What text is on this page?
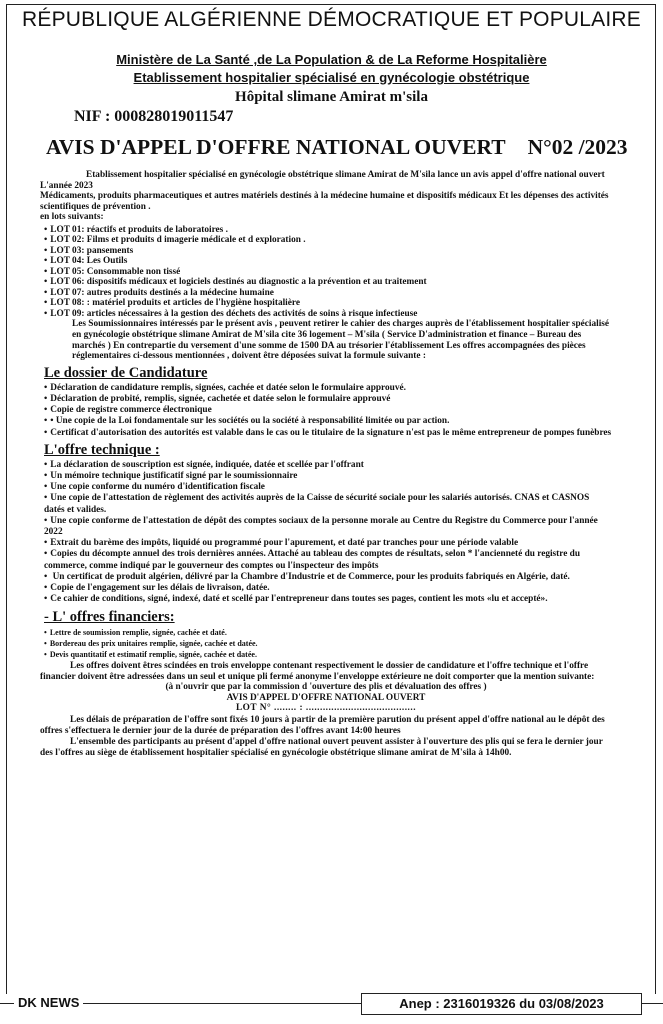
RÉPUBLIQUE ALGÉRIENNE DÉMOCRATIQUE ET POPULAIRE
Ministère de La Santé ,de La Population & de La Reforme Hospitalière
Etablissement hospitalier spécialisé en gynécologie obstétrique
Hôpital slimane Amirat m'sila
NIF : 000828019011547
AVIS D'APPEL D'OFFRE NATIONAL OUVERT N°02 /2023

Etablissement hospitalier spécialisé en gynécologie obstétrique slimane Amirat de M'sila lance un avis appel d'offre national ouvert L'année 2023

Médicaments, produits pharmaceutiques et autres matériels destinés à la médecine humaine et dispositifs médicaux Et les dépenses des activités scientifiques de prévention .

en lots suivants:

• LOT 01: réactifs et produits de laboratoires .
• LOT 02: Films et produits d imagerie médicale et d exploration .
• LOT 03: pansements
• LOT 04: Les Outils
• LOT 05: Consommable non tissé
• LOT 06: dispositifs médicaux et logiciels destinés au diagnostic a la prévention et au traitement
• LOT 07: autres produits destinés a la médecine humaine
• LOT 08: : matériel produits et articles de l'hygiène hospitalière
• LOT 09: articles nécessaires à la gestion des déchets des activités de soins à risque infectieuse

Les Soumissionnaires intéressés par le présent avis , peuvent retirer le cahier des charges auprès de l'établissement hospitalier spécialisé en gynécologie obstétrique slimane Amirat de M'sila cite 36 logement – M'sila ( Service D'administration et finance – Bureau des marchés ) En contrepartie du versement d'une somme de 1500 DA au trésorier l'établissement Les offres accompagnées des pièces réglementaires ci-dessous mentionnées , doivent être déposées suivat la formule suivante :

Le dossier de Candidature
• Déclaration de candidature remplis, signées, cachée et datée selon le formulaire approuvé.
• Déclaration de probité, remplis, signée, cachetée et datée selon le formulaire approuvé
• Copie de registre commerce électronique
• • Une copie de la Loi fondamentale sur les sociétés ou la société à responsabilité limitée ou par action.
• Certificat d'autorisation des autorités est valable dans le cas ou le titulaire de la signature n'est pas le même entrepreneur de pompes funèbres
L'offre technique :
• La déclaration de souscription est signée, indiquée, datée et scellée par l'offrant
• Un mémoire technique justificatif signé par le soumissionnaire
• Une copie conforme du numéro d'identification fiscale
• Une copie de l'attestation de règlement des activités auprès de la Caisse de sécurité sociale pour les salariés autorisés. CNAS et CASNOS datés et valides.
• Une copie conforme de l'attestation de dépôt des comptes sociaux de la personne morale au Centre du Registre du Commerce pour l'année 2022
• Extrait du barème des impôts, liquidé ou programmé pour l'apurement, et daté par tranches pour une période valable
• Copies du décompte annuel des trois dernières années. Attaché au tableau des comptes de résultats, selon * l'ancienneté du registre du commerce, comme indiqué par le gouverneur des comptes ou l'inspecteur des impôts
• Un certificat de produit algérien, délivré par la Chambre d'Industrie et de Commerce, pour les produits fabriqués en Algérie, daté.
• Copie de l'engagement sur les délais de livraison, datée.
• Ce cahier de conditions, signé, indexé, daté et scellé par l'entrepreneur dans toutes ses pages, contient les mots «lu et accepté».
- L' offres financiers:
• Lettre de soumission remplie, signée, cachée et daté.
• Bordereau des prix unitaires remplie, signée, cachée et datée.
• Devis quantitatif et estimatif remplie, signée, cachée et datée.

Les offres doivent êtres scindées en trois enveloppe contenant respectivement le dossier de candidature et l'offre technique et l'offre financier doivent être adressées dans un seul et unique pli fermé anonyme l'enveloppe extérieure ne doit comporter que la mention suivante:

(à n'ouvrir que par la commission d 'ouverture des plis et dévaluation des offres )

AVIS D'APPEL D'OFFRE NATIONAL OUVERT

LOT N° ........ : .......................................

Les délais de préparation de l'offre sont fixés 10 jours à partir de la première parution du présent appel d'offre national au le dépôt des offres s'effectuera le dernier jour de la durée de préparation des l'offres avant 14:00 heures

L'ensemble des participants au présent d'appel d'offre national ouvert peuvent assister à l'ouverture des plis qui se fera le dernier jour des l'offres au siège de établissement hospitalier spécialisé en gynécologie obstétrique slimane amirat de M'sila à 14h00.

DK NEWS	Anep : 2316019326 du 03/08/2023
